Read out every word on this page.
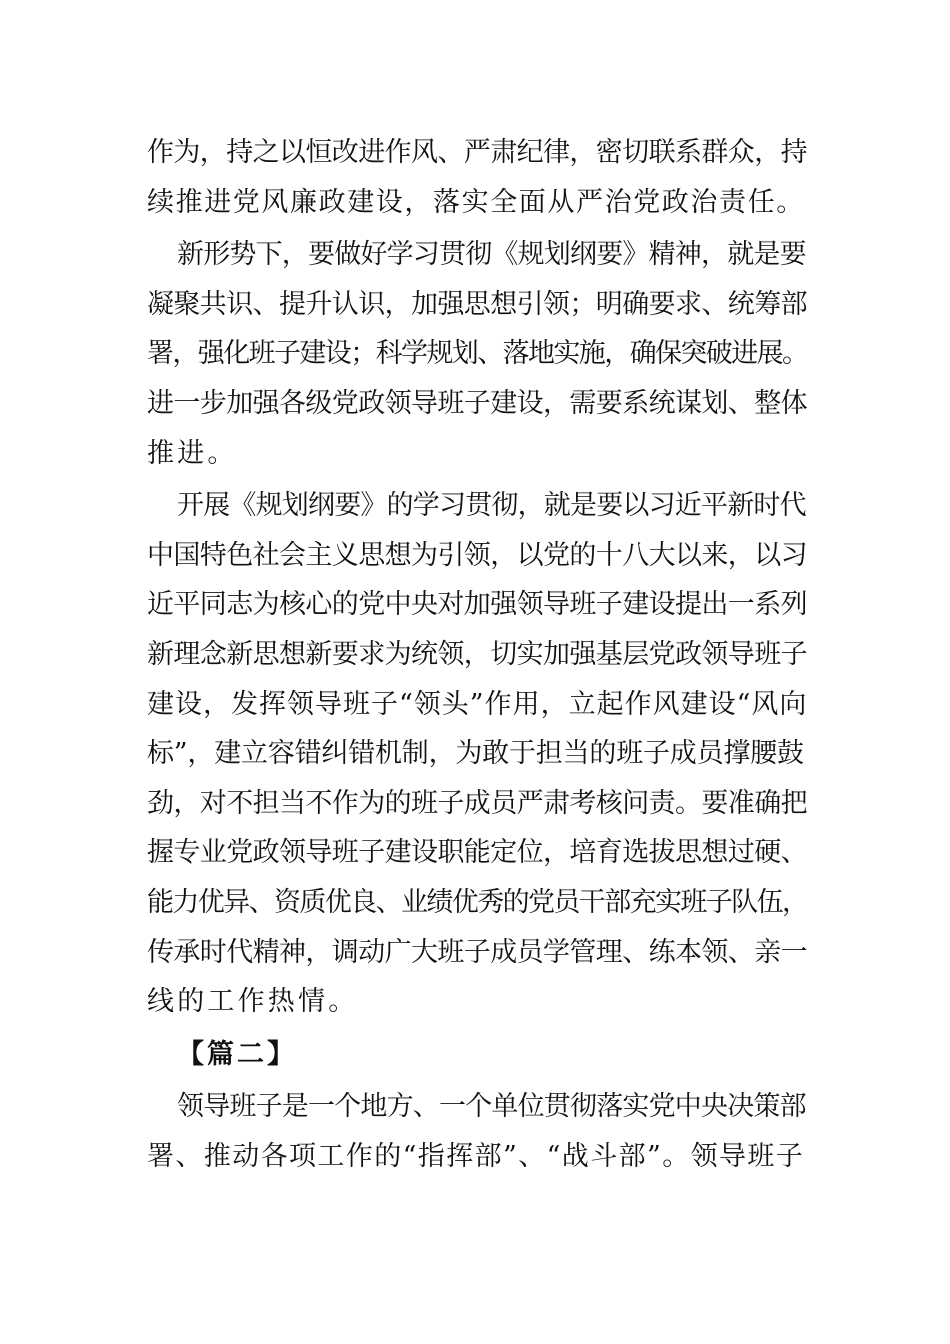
作为，持之以恒改进作风、严肃纪律，密切联系群众，持
续推进党风廉政建设，落实全面从严治党政治责任。
新形势下，要做好学习贯彻《规划纲要》精神，就是要
凝聚共识、提升认识，加强思想引领；明确要求、统筹部
署，强化班子建设；科学规划、落地实施，确保突破进展。
进一步加强各级党政领导班子建设，需要系统谋划、整体
推进。
开展《规划纲要》的学习贯彻，就是要以习近平新时代
中国特色社会主义思想为引领，以党的十八大以来，以习
近平同志为核心的党中央对加强领导班子建设提出一系列
新理念新思想新要求为统领，切实加强基层党政领导班子
建设，发挥领导班子“领头”作用，立起作风建设“风向
标”，建立容错纠错机制，为敢于担当的班子成员撑腰鼓
劲，对不担当不作为的班子成员严肃考核问责。要准确把
握专业党政领导班子建设职能定位，培育选拔思想过硬、
能力优异、资质优良、业绩优秀的党员干部充实班子队伍，
传承时代精神，调动广大班子成员学管理、练本领、亲一
线的工作热情。
【篇二】
领导班子是一个地方、一个单位贯彻落实党中央决策部
署、推动各项工作的“指挥部”、“战斗部”。领导班子
